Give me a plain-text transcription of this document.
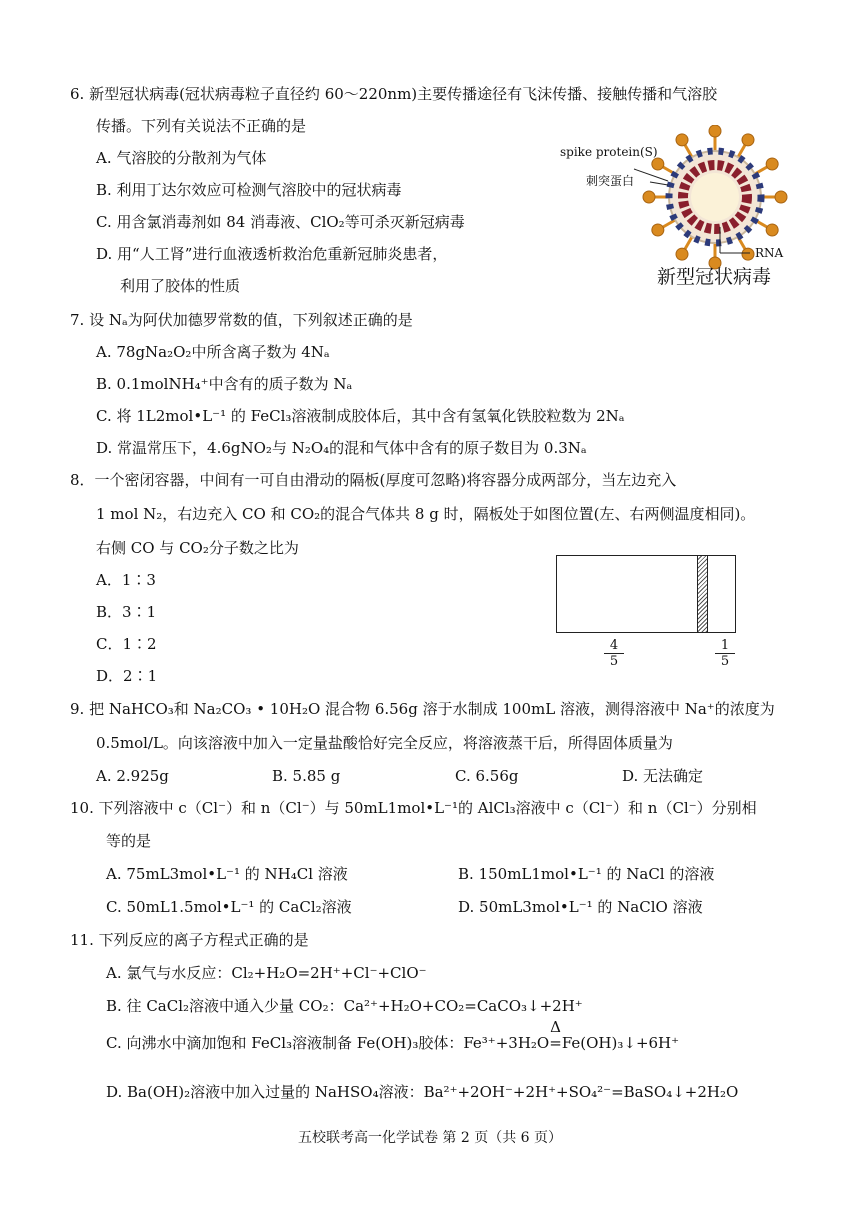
6. 新型冠状病毒(冠状病毒粒子直径约 60～220nm)主要传播途径有飞沫传播、接触传播和气溶胶
传播。下列有关说法不正确的是
A. 气溶胶的分散剂为气体
B. 利用丁达尔效应可检测气溶胶中的冠状病毒
C. 用含氯消毒剂如 84 消毒液、ClO₂等可杀灭新冠病毒
D. 用“人工肾”进行血液透析救治危重新冠肺炎患者，
利用了胶体的性质
spike protein(S)
刺突蛋白
RNA
新型冠状病毒
7. 设 Nₐ为阿伏加德罗常数的值，下列叙述正确的是
A. 78gNa₂O₂中所含离子数为 4Nₐ
B. 0.1molNH₄⁺中含有的质子数为 Nₐ
C. 将 1L2mol•L⁻¹ 的 FeCl₃溶液制成胶体后，其中含有氢氧化铁胶粒数为 2Nₐ
D. 常温常压下，4.6gNO₂与 N₂O₄的混和气体中含有的原子数目为 0.3Nₐ
8．一个密闭容器，中间有一可自由滑动的隔板(厚度可忽略)将容器分成两部分，当左边充入
1 mol N₂，右边充入 CO 和 CO₂的混合气体共 8 g 时，隔板处于如图位置(左、右两侧温度相同)。
右侧 CO 与 CO₂分子数之比为
A．1∶3
B．3∶1
C．1∶2
D．2∶1
$\frac{4}{5}$	$\frac{1}{5}$
9. 把 NaHCO₃和 Na₂CO₃ • 10H₂O 混合物 6.56g 溶于水制成 100mL 溶液，测得溶液中 Na⁺的浓度为
0.5mol/L。向该溶液中加入一定量盐酸恰好完全反应，将溶液蒸干后，所得固体质量为
A. 2.925g	B. 5.85 g	C. 6.56g	D. 无法确定
10. 下列溶液中 c（Cl⁻）和 n（Cl⁻）与 50mL1mol•L⁻¹的 AlCl₃溶液中 c（Cl⁻）和 n（Cl⁻）分别相
等的是
A. 75mL3mol•L⁻¹ 的 NH₄Cl 溶液	B. 150mL1mol•L⁻¹ 的 NaCl 的溶液
C. 50mL1.5mol•L⁻¹ 的 CaCl₂溶液	D. 50mL3mol•L⁻¹ 的 NaClO 溶液
11. 下列反应的离子方程式正确的是
A. 氯气与水反应：Cl₂+H₂O=2H⁺+Cl⁻+ClO⁻
B. 往 CaCl₂溶液中通入少量 CO₂：Ca²⁺+H₂O+CO₂=CaCO₃↓+2H⁺
C. 向沸水中滴加饱和 FeCl₃溶液制备 Fe(OH)₃胶体：Fe³⁺+3H₂O
Δ
=Fe(OH)₃↓+6H⁺
D. Ba(OH)₂溶液中加入过量的 NaHSO₄溶液：Ba²⁺+2OH⁻+2H⁺+SO₄²⁻=BaSO₄↓+2H₂O
五校联考高一化学试卷 第 2 页（共 6 页）
